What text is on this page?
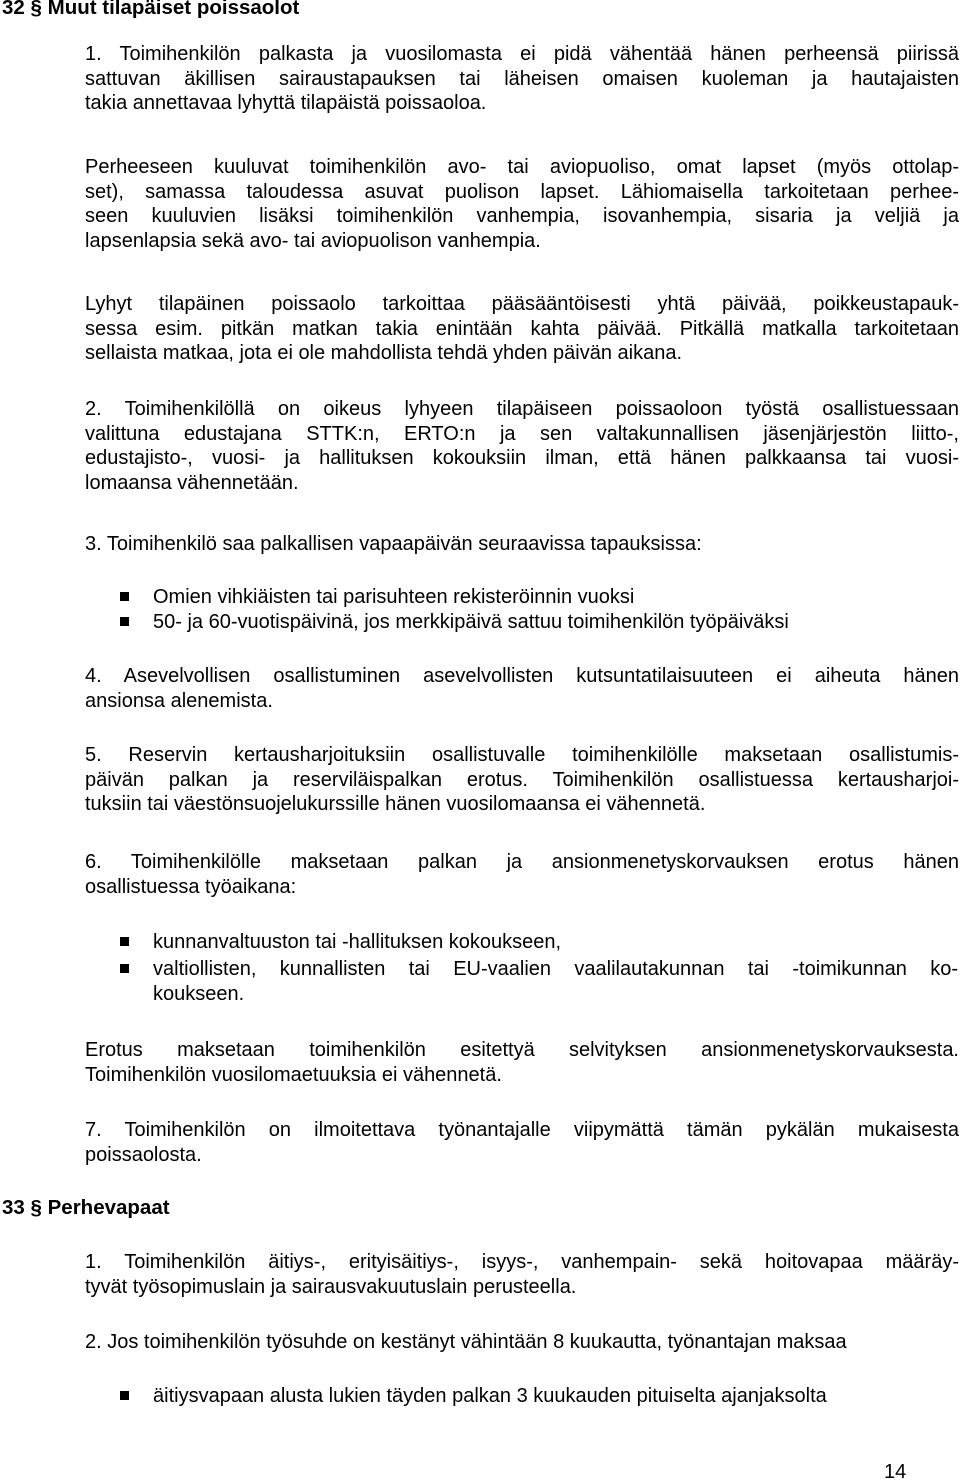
32 § Muut tilapäiset poissaolot
1. Toimihenkilön palkasta ja vuosilomasta ei pidä vähentää hänen perheensä piirissä
sattuvan äkillisen sairaustapauksen tai läheisen omaisen kuoleman ja hautajaisten
takia annettavaa lyhyttä tilapäistä poissaoloa.
Perheeseen kuuluvat toimihenkilön avo- tai aviopuoliso, omat lapset (myös ottolap-
set), samassa taloudessa asuvat puolison lapset. Lähiomaisella tarkoitetaan perhee-
seen kuuluvien lisäksi toimihenkilön vanhempia, isovanhempia, sisaria ja veljiä ja
lapsenlapsia sekä avo- tai aviopuolison vanhempia.
Lyhyt tilapäinen poissaolo tarkoittaa pääsääntöisesti yhtä päivää, poikkeustapauk-
sessa esim. pitkän matkan takia enintään kahta päivää. Pitkällä matkalla tarkoitetaan
sellaista matkaa, jota ei ole mahdollista tehdä yhden päivän aikana.
2. Toimihenkilöllä on oikeus lyhyeen tilapäiseen poissaoloon työstä osallistuessaan
valittuna edustajana STTK:n, ERTO:n ja sen valtakunnallisen jäsenjärjestön liitto-,
edustajisto-, vuosi- ja hallituksen kokouksiin ilman, että hänen palkkaansa tai vuosi-
lomaansa vähennetään.
3. Toimihenkilö saa palkallisen vapaapäivän seuraavissa tapauksissa:
Omien vihkiäisten tai parisuhteen rekisteröinnin vuoksi
50- ja 60-vuotispäivinä, jos merkkipäivä sattuu toimihenkilön työpäiväksi
4. Asevelvollisen osallistuminen asevelvollisten kutsuntatilaisuuteen ei aiheuta hänen
ansionsa alenemista.
5. Reservin kertausharjoituksiin osallistuvalle toimihenkilölle maksetaan osallistumis-
päivän palkan ja reserviläispalkan erotus. Toimihenkilön osallistuessa kertausharjoi-
tuksiin tai väestönsuojelukurssille hänen vuosilomaansa ei vähennetä.
6. Toimihenkilölle maksetaan palkan ja ansionmenetyskorvauksen erotus hänen
osallistuessa työaikana:
kunnanvaltuuston tai -hallituksen kokoukseen,
valtiollisten, kunnallisten tai EU-vaalien vaalilautakunnan tai -toimikunnan ko-
koukseen.
Erotus maksetaan toimihenkilön esitettyä selvityksen ansionmenetyskorvauksesta.
Toimihenkilön vuosilomaetuuksia ei vähennetä.
7. Toimihenkilön on ilmoitettava työnantajalle viipymättä tämän pykälän mukaisesta
poissaolosta.
33 § Perhevapaat
1. Toimihenkilön äitiys-, erityisäitiys-, isyys-, vanhempain- sekä hoitovapaa määräy-
tyvät työsopimuslain ja sairausvakuutuslain perusteella.
2. Jos toimihenkilön työsuhde on kestänyt vähintään 8 kuukautta, työnantajan maksaa
äitiysvapaan alusta lukien täyden palkan 3 kuukauden pituiselta ajanjaksolta
14
